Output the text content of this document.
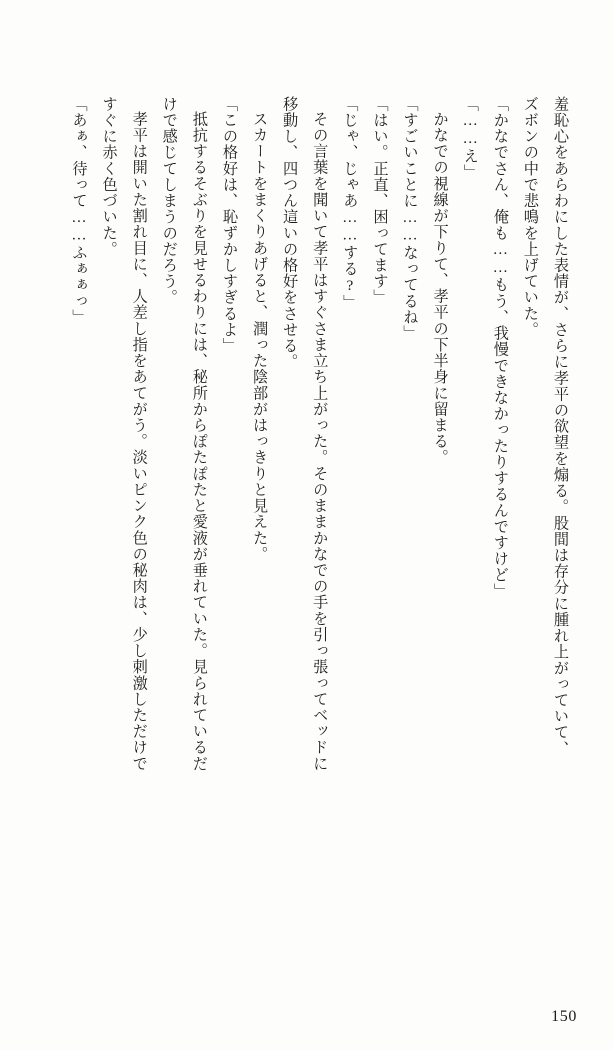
羞恥心をあらわにした表情が、さらに孝平の欲望を煽る。股間は存分に腫れ上がっていて、

ズボンの中で悲鳴を上げていた。

「かなでさん、俺も……もう、我慢できなかったりするんですけど」

「……え」

かなでの視線が下りて、孝平の下半身に留まる。

「すごいことに……なってるね」

「はい。正直、困ってます」

「じゃ、じゃあ……する?」

その言葉を聞いて孝平はすぐさま立ち上がった。そのままかなでの手を引っ張ってベッドに

移動し、四つん這いの格好をさせる。

スカートをまくりあげると、潤った陰部がはっきりと見えた。

「この格好は、恥ずかしすぎるよ」

抵抗するそぶりを見せるわりには、秘所からぽたぽたと愛液が垂れていた。見られているだ

けで感じてしまうのだろう。

孝平は開いた割れ目に、人差し指をあてがう。淡いピンク色の秘肉は、少し刺激しただけで

すぐに赤く色づいた。

「あぁ、待って……ふぁぁっ」

150
